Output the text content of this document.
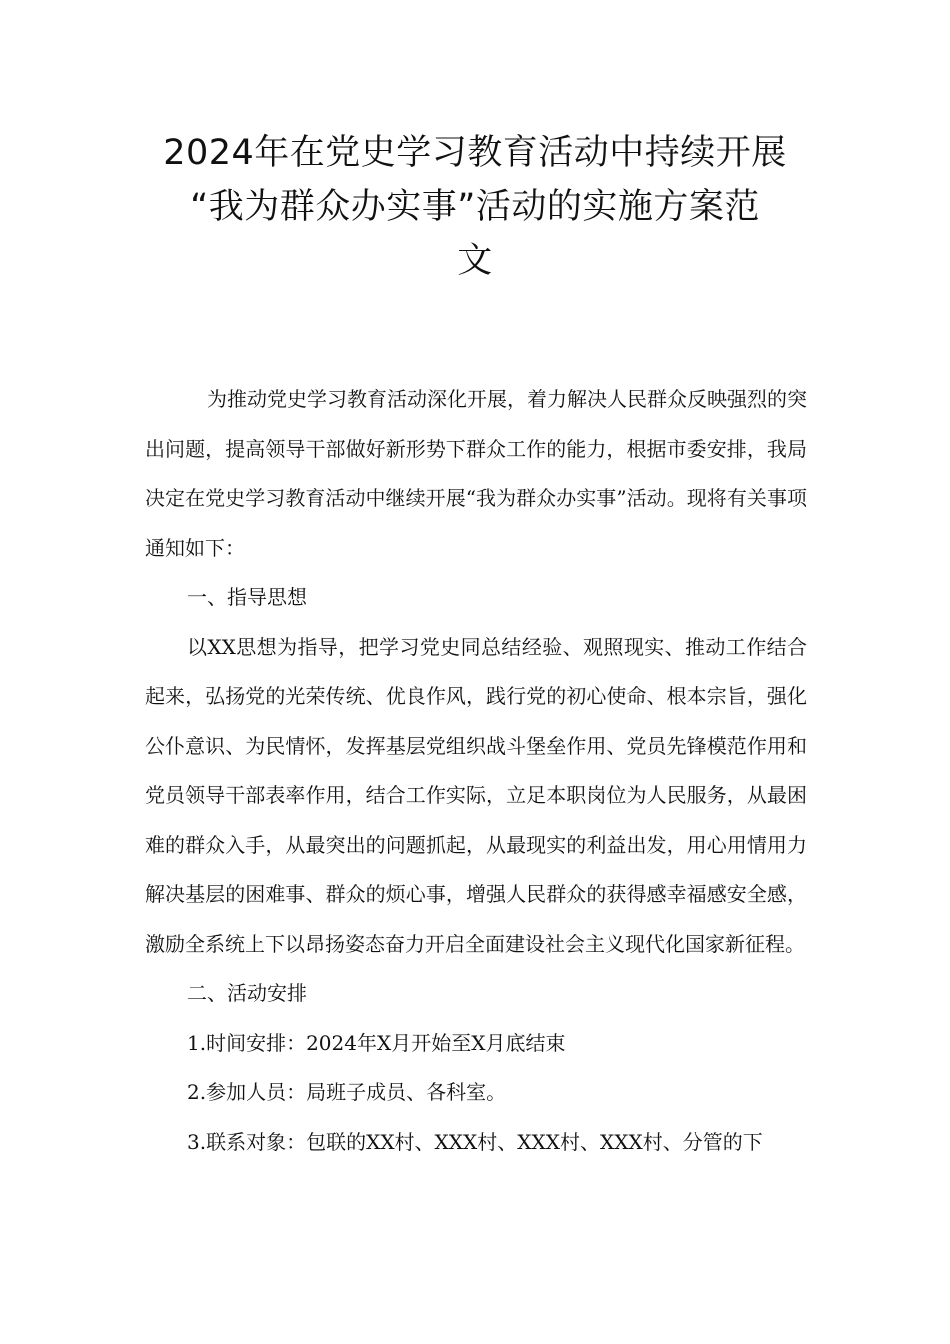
2024年在党史学习教育活动中持续开展
“我为群众办实事”活动的实施方案范
文

为推动党史学习教育活动深化开展，着力解决人民群众反映强烈的突出问题，提高领导干部做好新形势下群众工作的能力，根据市委安排，我局决定在党史学习教育活动中继续开展“我为群众办实事”活动。现将有关事项通知如下：

一、指导思想

以XX思想为指导，把学习党史同总结经验、观照现实、推动工作结合起来，弘扬党的光荣传统、优良作风，践行党的初心使命、根本宗旨，强化公仆意识、为民情怀，发挥基层党组织战斗堡垒作用、党员先锋模范作用和党员领导干部表率作用，结合工作实际，立足本职岗位为人民服务，从最困难的群众入手，从最突出的问题抓起，从最现实的利益出发，用心用情用力解决基层的困难事、群众的烦心事，增强人民群众的获得感幸福感安全感，激励全系统上下以昂扬姿态奋力开启全面建设社会主义现代化国家新征程。

二、活动安排

1.时间安排：2024年X月开始至X月底结束

2.参加人员：局班子成员、各科室。

3.联系对象：包联的XX村、XXX村、XXX村、XXX村、分管的下
